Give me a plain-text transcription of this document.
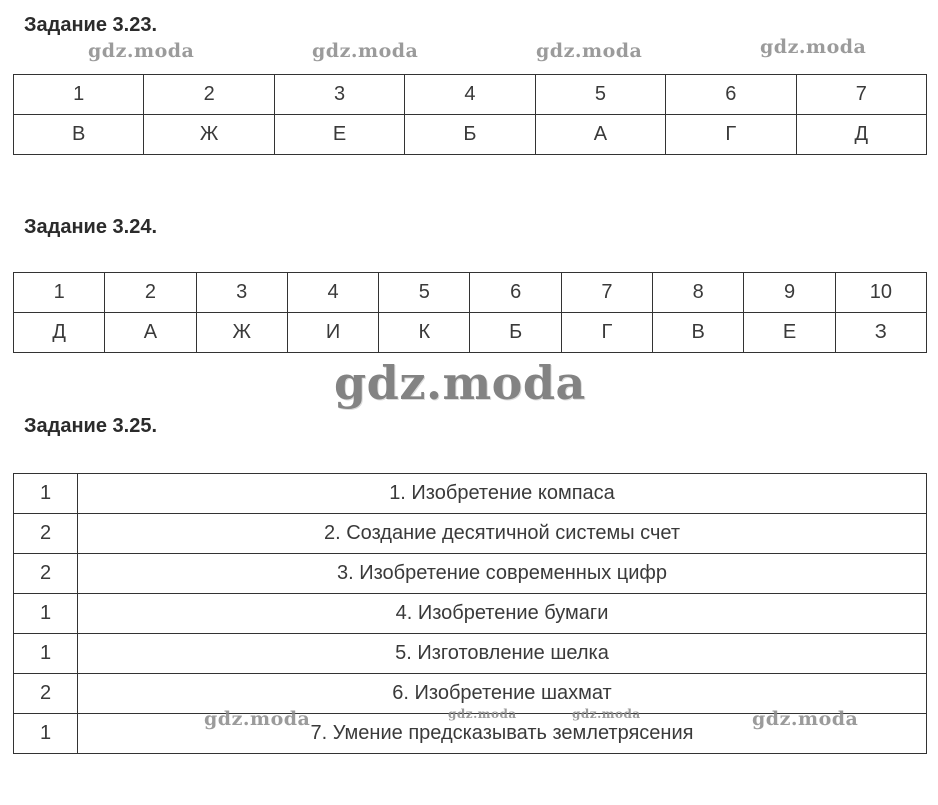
Задание 3.23.
1	2	3	4	5	6	7
В	Ж	Е	Б	А	Г	Д
Задание 3.24.
1	2	3	4	5	6	7	8	9	10
Д	А	Ж	И	К	Б	Г	В	Е	З
Задание 3.25.
1	1. Изобретение компаса
2	2. Создание десятичной системы счет
2	3. Изобретение современных цифр
1	4. Изобретение бумаги
1	5. Изготовление шелка
2	6. Изобретение шахмат
1	7. Умение предсказывать землетрясения
gdz.moda	gdz.moda	gdz.moda	gdz.moda
gdz.moda
gdz.moda	gdz.moda	gdz.moda	gdz.moda
